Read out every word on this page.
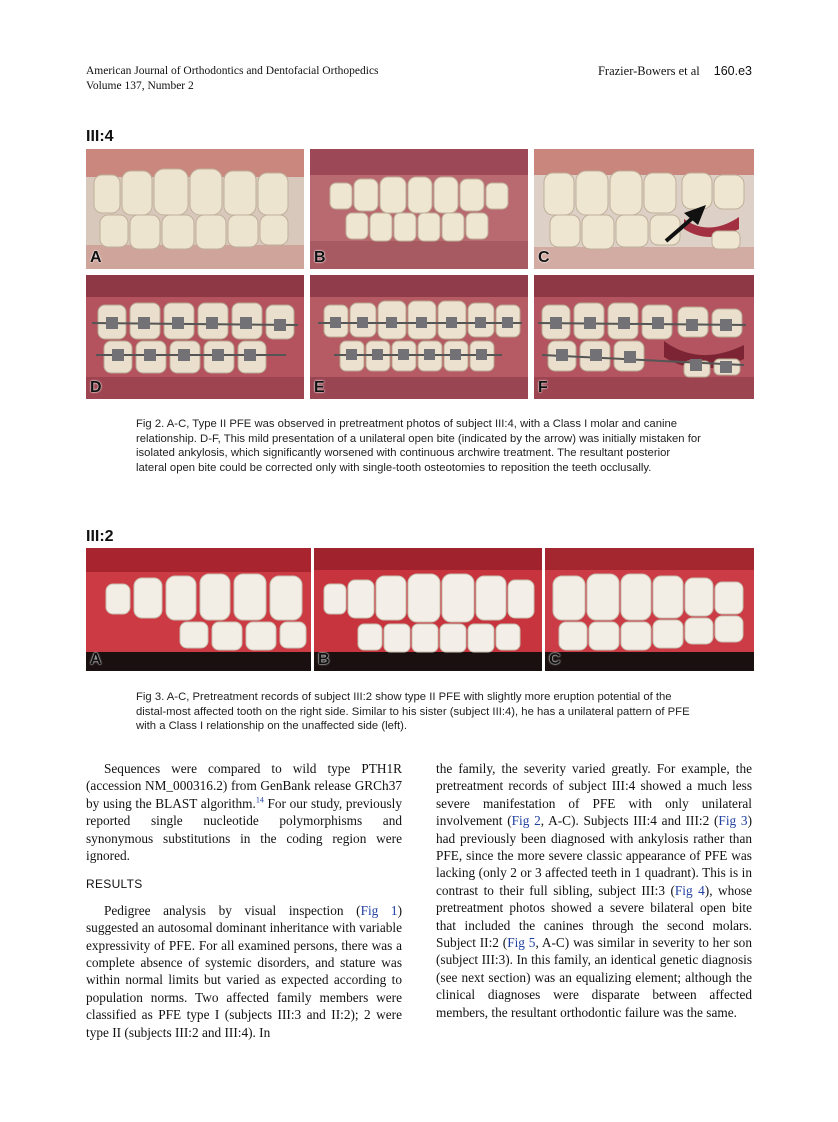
American Journal of Orthodontics and Dentofacial Orthopedics
Volume 137, Number 2
Frazier-Bowers et al 160.e3
III:4
A	B	C
D	E	F
Fig 2. A-C, Type II PFE was observed in pretreatment photos of subject III:4, with a Class I molar and canine relationship. D-F, This mild presentation of a unilateral open bite (indicated by the arrow) was initially mistaken for isolated ankylosis, which significantly worsened with continuous archwire treatment. The resultant posterior lateral open bite could be corrected only with single-tooth osteotomies to reposition the teeth occlusally.
III:2
A	B	C
Fig 3. A-C, Pretreatment records of subject III:2 show type II PFE with slightly more eruption potential of the distal-most affected tooth on the right side. Similar to his sister (subject III:4), he has a unilateral pattern of PFE with a Class I relationship on the unaffected side (left).

Sequences were compared to wild type PTH1R (accession NM_000316.2) from GenBank release GRCh37 by using the BLAST algorithm.$^{14}$ For our study, previously reported single nucleotide polymorphisms and synonymous substitutions in the coding region were ignored.

RESULTS

Pedigree analysis by visual inspection (Fig 1) suggested an autosomal dominant inheritance with variable expressivity of PFE. For all examined persons, there was a complete absence of systemic disorders, and stature was within normal limits but varied as expected according to population norms. Two affected family members were classified as PFE type I (subjects III:3 and II:2); 2 were type II (subjects III:2 and III:4). In

the family, the severity varied greatly. For example, the pretreatment records of subject III:4 showed a much less severe manifestation of PFE with only unilateral involvement (Fig 2, A-C). Subjects III:4 and III:2 (Fig 3) had previously been diagnosed with ankylosis rather than PFE, since the more severe classic appearance of PFE was lacking (only 2 or 3 affected teeth in 1 quadrant). This is in contrast to their full sibling, subject III:3 (Fig 4), whose pretreatment photos showed a severe bilateral open bite that included the canines through the second molars. Subject II:2 (Fig 5, A-C) was similar in severity to her son (subject III:3). In this family, an identical genetic diagnosis (see next section) was an equalizing element; although the clinical diagnoses were disparate between affected members, the resultant orthodontic failure was the same.
